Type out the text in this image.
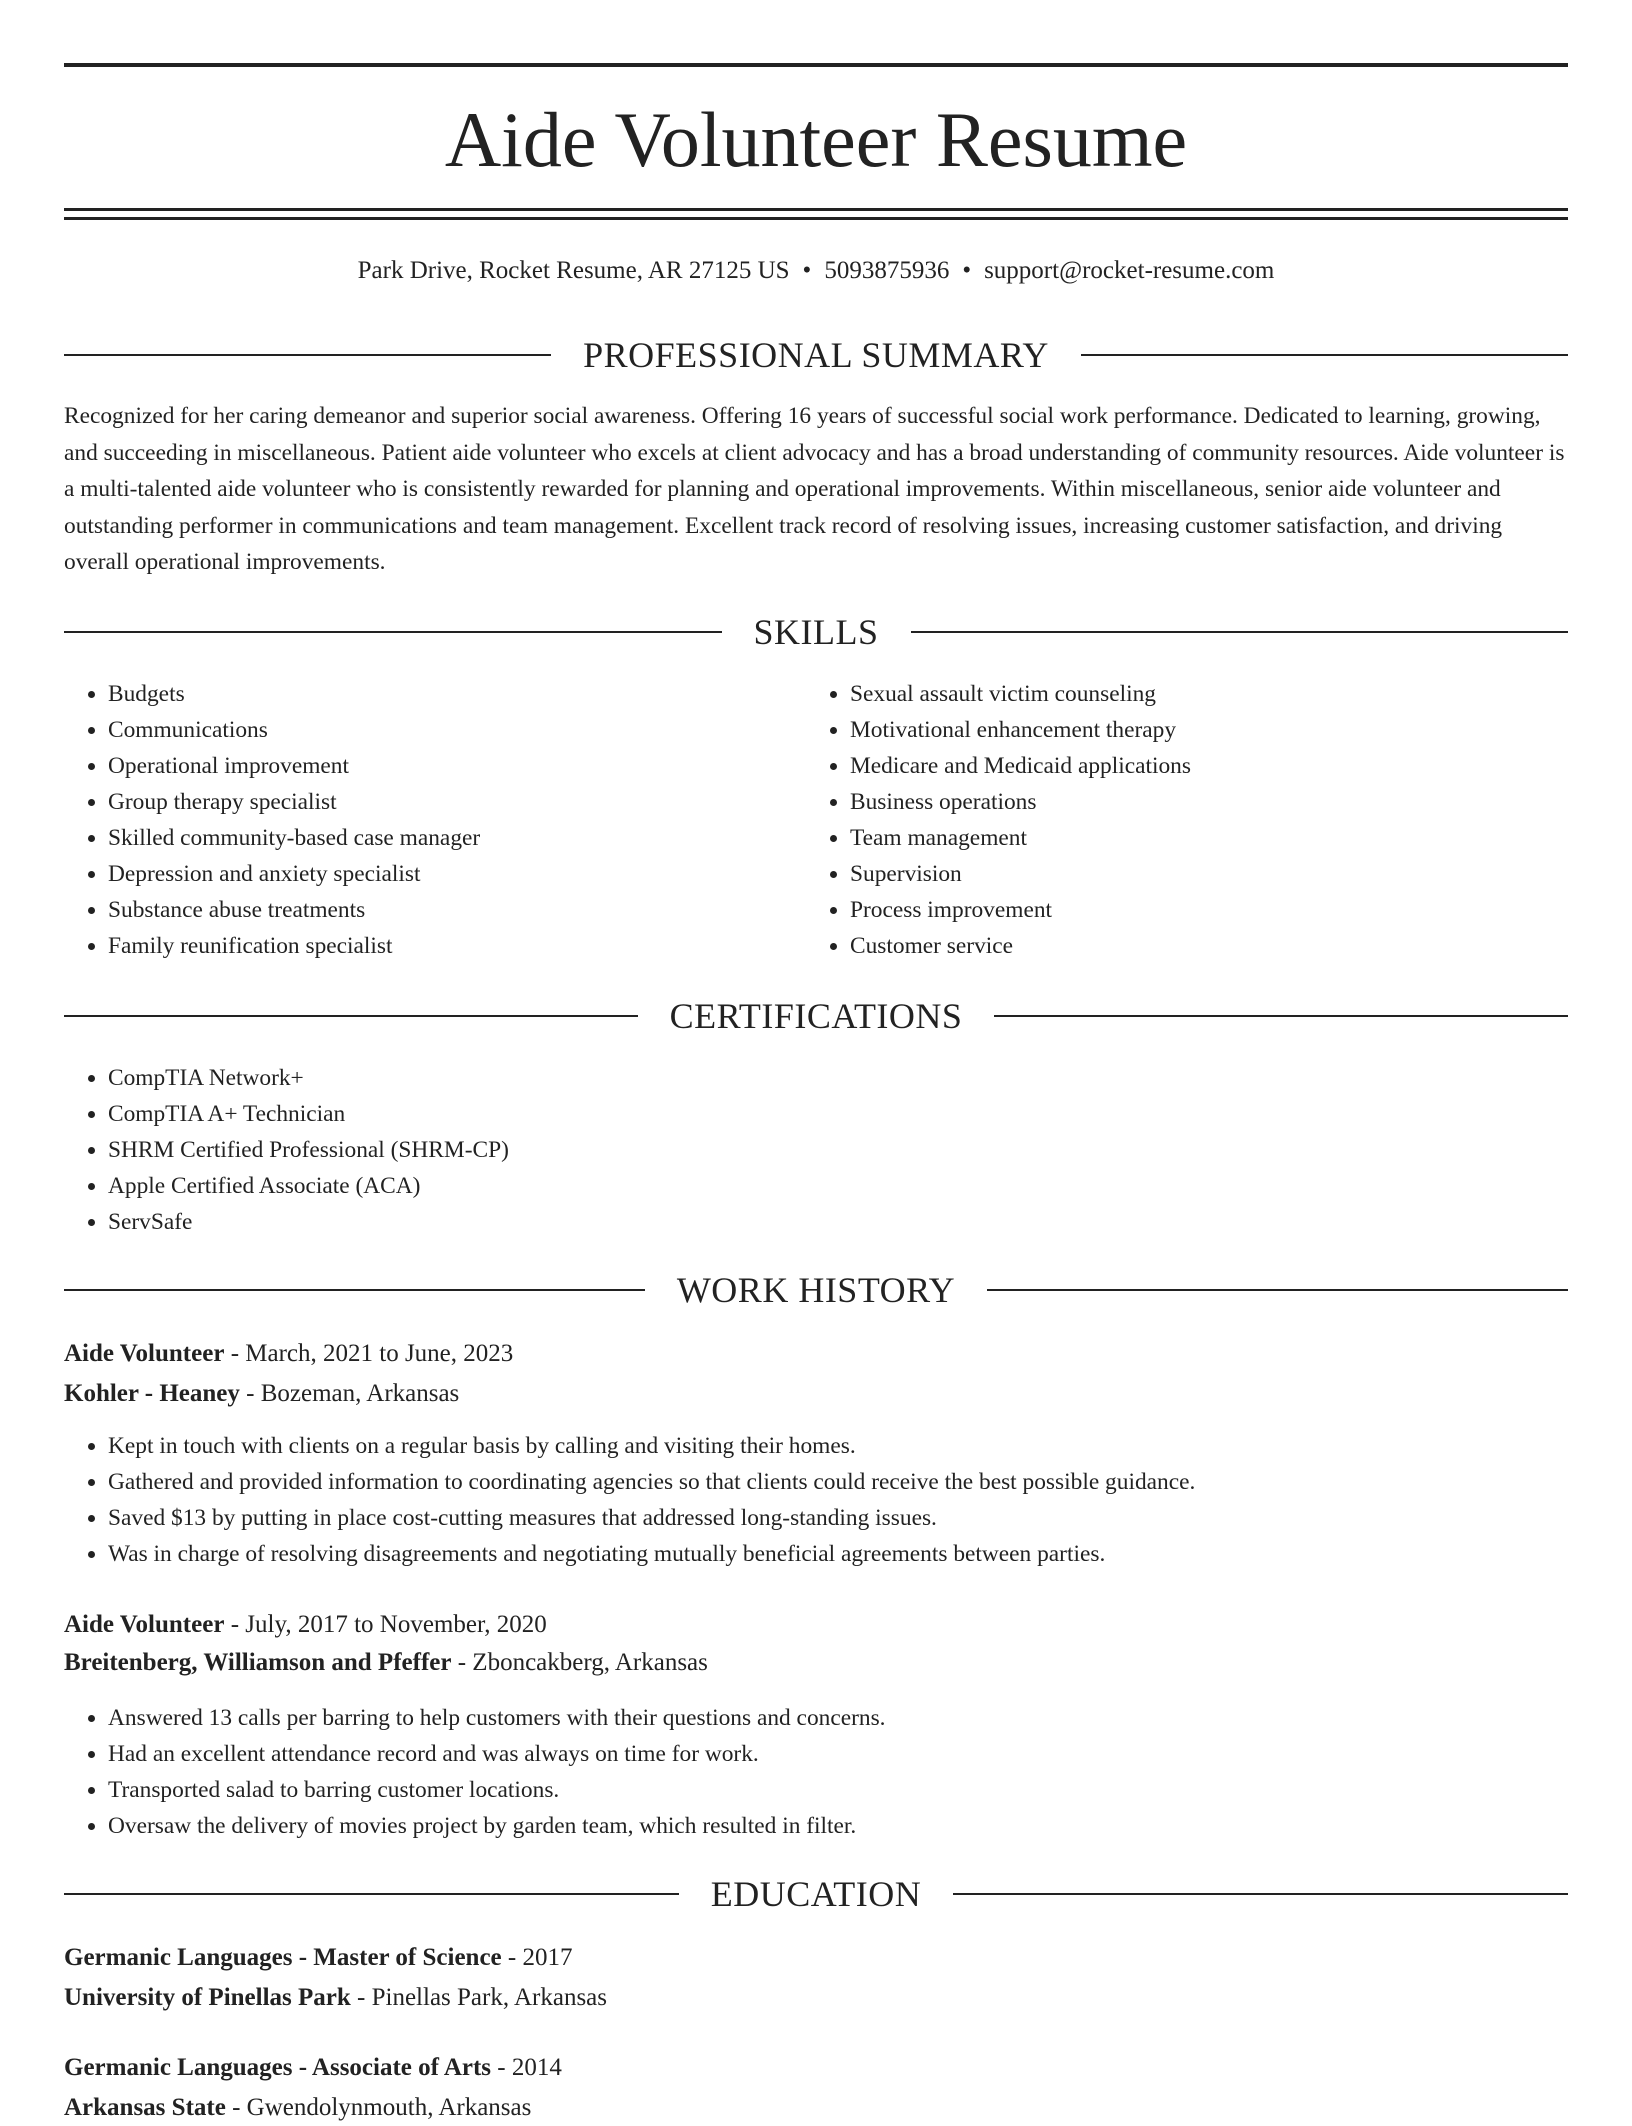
Aide Volunteer Resume
Park Drive, Rocket Resume, AR 27125 US • 5093875936 • support@rocket-resume.com
PROFESSIONAL SUMMARY

Recognized for her caring demeanor and superior social awareness. Offering 16 years of successful social work performance. Dedicated to learning, growing, and succeeding in miscellaneous. Patient aide volunteer who excels at client advocacy and has a broad understanding of community resources. Aide volunteer is a multi-talented aide volunteer who is consistently rewarded for planning and operational improvements. Within miscellaneous, senior aide volunteer and outstanding performer in communications and team management. Excellent track record of resolving issues, increasing customer satisfaction, and driving overall operational improvements.

SKILLS
• Budgets
• Communications
• Operational improvement
• Group therapy specialist
• Skilled community-based case manager
• Depression and anxiety specialist
• Substance abuse treatments
• Family reunification specialist
• Sexual assault victim counseling
• Motivational enhancement therapy
• Medicare and Medicaid applications
• Business operations
• Team management
• Supervision
• Process improvement
• Customer service
CERTIFICATIONS
• CompTIA Network+
• CompTIA A+ Technician
• SHRM Certified Professional (SHRM-CP)
• Apple Certified Associate (ACA)
• ServSafe
WORK HISTORY
Aide Volunteer - March, 2021 to June, 2023
Kohler - Heaney - Bozeman, Arkansas
• Kept in touch with clients on a regular basis by calling and visiting their homes.
• Gathered and provided information to coordinating agencies so that clients could receive the best possible guidance.
• Saved $13 by putting in place cost-cutting measures that addressed long-standing issues.
• Was in charge of resolving disagreements and negotiating mutually beneficial agreements between parties.
Aide Volunteer - July, 2017 to November, 2020
Breitenberg, Williamson and Pfeffer - Zboncakberg, Arkansas
• Answered 13 calls per barring to help customers with their questions and concerns.
• Had an excellent attendance record and was always on time for work.
• Transported salad to barring customer locations.
• Oversaw the delivery of movies project by garden team, which resulted in filter.
EDUCATION
Germanic Languages - Master of Science - 2017
University of Pinellas Park - Pinellas Park, Arkansas
Germanic Languages - Associate of Arts - 2014
Arkansas State - Gwendolynmouth, Arkansas
